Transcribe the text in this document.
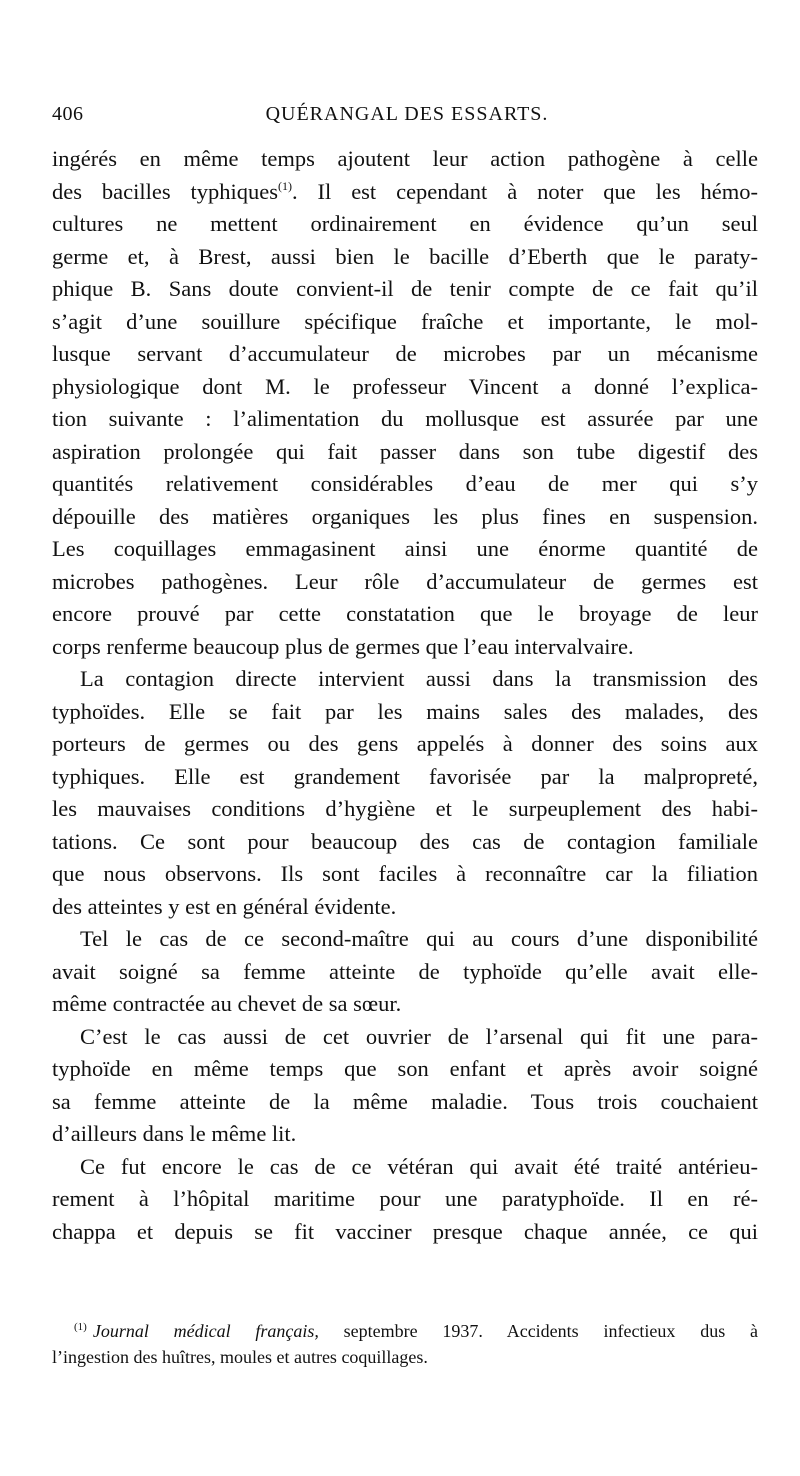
406	QUÉRANGAL DES ESSARTS.
ingérés en même temps ajoutent leur action pathogène à celle
des bacilles typhiques$^{(1)}$. Il est cependant à noter que les hémo-
cultures ne mettent ordinairement en évidence qu’un seul
germe et, à Brest, aussi bien le bacille d’Eberth que le paraty-
phique B. Sans doute convient-il de tenir compte de ce fait qu’il
s’agit d’une souillure spécifique fraîche et importante, le mol-
lusque servant d’accumulateur de microbes par un mécanisme
physiologique dont M. le professeur Vincent a donné l’explica-
tion suivante : l’alimentation du mollusque est assurée par une
aspiration prolongée qui fait passer dans son tube digestif des
quantités relativement considérables d’eau de mer qui s’y
dépouille des matières organiques les plus fines en suspension.
Les coquillages emmagasinent ainsi une énorme quantité de
microbes pathogènes. Leur rôle d’accumulateur de germes est
encore prouvé par cette constatation que le broyage de leur
corps renferme beaucoup plus de germes que l’eau intervalvaire.
La contagion directe intervient aussi dans la transmission des
typhoïdes. Elle se fait par les mains sales des malades, des
porteurs de germes ou des gens appelés à donner des soins aux
typhiques. Elle est grandement favorisée par la malpropreté,
les mauvaises conditions d’hygiène et le surpeuplement des habi-
tations. Ce sont pour beaucoup des cas de contagion familiale
que nous observons. Ils sont faciles à reconnaître car la filiation
des atteintes y est en général évidente.
Tel le cas de ce second-maître qui au cours d’une disponibilité
avait soigné sa femme atteinte de typhoïde qu’elle avait elle-
même contractée au chevet de sa sœur.
C’est le cas aussi de cet ouvrier de l’arsenal qui fit une para-
typhoïde en même temps que son enfant et après avoir soigné
sa femme atteinte de la même maladie. Tous trois couchaient
d’ailleurs dans le même lit.
Ce fut encore le cas de ce vétéran qui avait été traité antérieu-
rement à l’hôpital maritime pour une paratyphoïde. Il en ré-
chappa et depuis se fit vacciner presque chaque année, ce qui
$^{(1)}$ Journal médical français, septembre 1937. Accidents infectieux dus à
l’ingestion des huîtres, moules et autres coquillages.
